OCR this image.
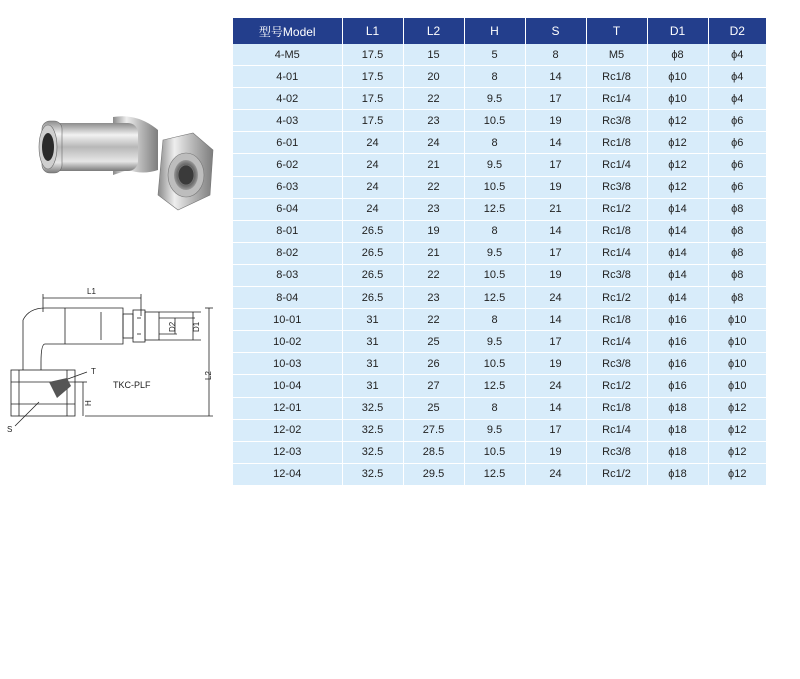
L1
D2 D1
L2
H
S
T
TKC-PLF
型号Model	L1	L2	H	S	T	D1	D2
4-M5	17.5	15	5	8	M5	ϕ8	ϕ4
4-01	17.5	20	8	14	Rc1/8	ϕ10	ϕ4
4-02	17.5	22	9.5	17	Rc1/4	ϕ10	ϕ4
4-03	17.5	23	10.5	19	Rc3/8	ϕ12	ϕ6
6-01	24	24	8	14	Rc1/8	ϕ12	ϕ6
6-02	24	21	9.5	17	Rc1/4	ϕ12	ϕ6
6-03	24	22	10.5	19	Rc3/8	ϕ12	ϕ6
6-04	24	23	12.5	21	Rc1/2	ϕ14	ϕ8
8-01	26.5	19	8	14	Rc1/8	ϕ14	ϕ8
8-02	26.5	21	9.5	17	Rc1/4	ϕ14	ϕ8
8-03	26.5	22	10.5	19	Rc3/8	ϕ14	ϕ8
8-04	26.5	23	12.5	24	Rc1/2	ϕ14	ϕ8
10-01	31	22	8	14	Rc1/8	ϕ16	ϕ10
10-02	31	25	9.5	17	Rc1/4	ϕ16	ϕ10
10-03	31	26	10.5	19	Rc3/8	ϕ16	ϕ10
10-04	31	27	12.5	24	Rc1/2	ϕ16	ϕ10
12-01	32.5	25	8	14	Rc1/8	ϕ18	ϕ12
12-02	32.5	27.5	9.5	17	Rc1/4	ϕ18	ϕ12
12-03	32.5	28.5	10.5	19	Rc3/8	ϕ18	ϕ12
12-04	32.5	29.5	12.5	24	Rc1/2	ϕ18	ϕ12
